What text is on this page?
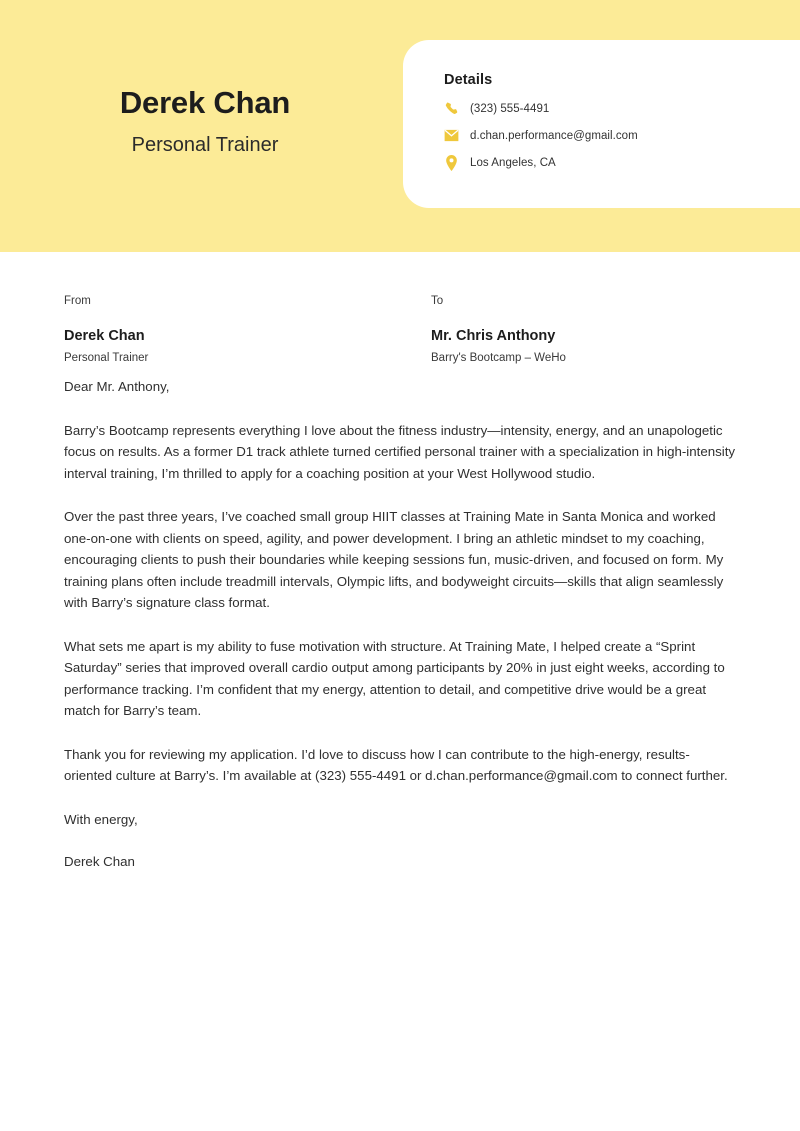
Derek Chan

Personal Trainer

Details
(323) 555-4491
d.chan.performance@gmail.com
Los Angeles, CA

From

Derek Chan

Personal Trainer

To

Mr. Chris Anthony

Barry's Bootcamp – WeHo

Dear Mr. Anthony,

Barry’s Bootcamp represents everything I love about the fitness industry—intensity, energy, and an unapologetic focus on results. As a former D1 track athlete turned certified personal trainer with a specialization in high-intensity interval training, I’m thrilled to apply for a coaching position at your West Hollywood studio.

Over the past three years, I’ve coached small group HIIT classes at Training Mate in Santa Monica and worked one-on-one with clients on speed, agility, and power development. I bring an athletic mindset to my coaching, encouraging clients to push their boundaries while keeping sessions fun, music-driven, and focused on form. My training plans often include treadmill intervals, Olympic lifts, and bodyweight circuits—skills that align seamlessly with Barry’s signature class format.

What sets me apart is my ability to fuse motivation with structure. At Training Mate, I helped create a “Sprint Saturday” series that improved overall cardio output among participants by 20% in just eight weeks, according to performance tracking. I’m confident that my energy, attention to detail, and competitive drive would be a great match for Barry’s team.

Thank you for reviewing my application. I’d love to discuss how I can contribute to the high-energy, results-oriented culture at Barry’s. I’m available at (323) 555-4491 or d.chan.performance@gmail.com to connect further.

With energy,

Derek Chan
